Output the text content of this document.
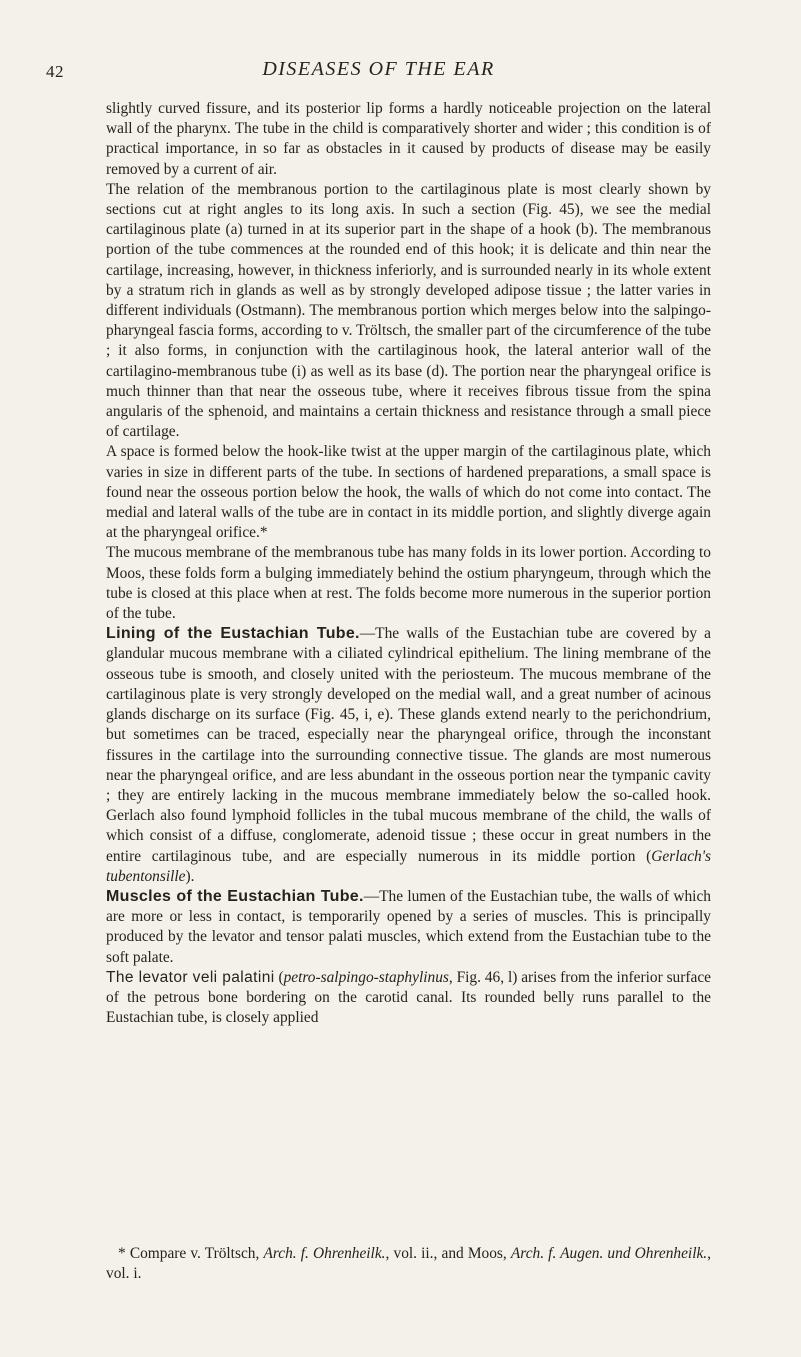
42	DISEASES OF THE EAR

slightly curved fissure, and its posterior lip forms a hardly noticeable projection on the lateral wall of the pharynx. The tube in the child is comparatively shorter and wider ; this condition is of practical importance, in so far as obstacles in it caused by products of disease may be easily removed by a current of air.

The relation of the membranous portion to the cartilaginous plate is most clearly shown by sections cut at right angles to its long axis. In such a section (Fig. 45), we see the medial cartilaginous plate (a) turned in at its superior part in the shape of a hook (b). The membranous portion of the tube commences at the rounded end of this hook; it is delicate and thin near the cartilage, increasing, however, in thickness inferiorly, and is surrounded nearly in its whole extent by a stratum rich in glands as well as by strongly developed adipose tissue ; the latter varies in different individuals (Ostmann). The membranous portion which merges below into the salpingo-pharyngeal fascia forms, according to v. Tröltsch, the smaller part of the circumference of the tube ; it also forms, in conjunction with the cartilaginous hook, the lateral anterior wall of the cartilagino-membranous tube (i) as well as its base (d). The portion near the pharyngeal orifice is much thinner than that near the osseous tube, where it receives fibrous tissue from the spina angularis of the sphenoid, and maintains a certain thickness and resistance through a small piece of cartilage.

A space is formed below the hook-like twist at the upper margin of the cartilaginous plate, which varies in size in different parts of the tube. In sections of hardened preparations, a small space is found near the osseous portion below the hook, the walls of which do not come into contact. The medial and lateral walls of the tube are in contact in its middle portion, and slightly diverge again at the pharyngeal orifice.*

The mucous membrane of the membranous tube has many folds in its lower portion. According to Moos, these folds form a bulging immediately behind the ostium pharyngeum, through which the tube is closed at this place when at rest. The folds become more numerous in the superior portion of the tube.

Lining of the Eustachian Tube.—The walls of the Eustachian tube are covered by a glandular mucous membrane with a ciliated cylindrical epithelium. The lining membrane of the osseous tube is smooth, and closely united with the periosteum. The mucous membrane of the cartilaginous plate is very strongly developed on the medial wall, and a great number of acinous glands discharge on its surface (Fig. 45, i, e). These glands extend nearly to the perichondrium, but sometimes can be traced, especially near the pharyngeal orifice, through the inconstant fissures in the cartilage into the surrounding connective tissue. The glands are most numerous near the pharyngeal orifice, and are less abundant in the osseous portion near the tympanic cavity ; they are entirely lacking in the mucous membrane immediately below the so-called hook. Gerlach also found lymphoid follicles in the tubal mucous membrane of the child, the walls of which consist of a diffuse, conglomerate, adenoid tissue ; these occur in great numbers in the entire cartilaginous tube, and are especially numerous in its middle portion (Gerlach's tubentonsille).

Muscles of the Eustachian Tube.—The lumen of the Eustachian tube, the walls of which are more or less in contact, is temporarily opened by a series of muscles. This is principally produced by the levator and tensor palati muscles, which extend from the Eustachian tube to the soft palate.

The levator veli palatini (petro-salpingo-staphylinus, Fig. 46, l) arises from the inferior surface of the petrous bone bordering on the carotid canal. Its rounded belly runs parallel to the Eustachian tube, is closely applied

* Compare v. Tröltsch, Arch. f. Ohrenheilk., vol. ii., and Moos, Arch. f. Augen. und Ohrenheilk., vol. i.
